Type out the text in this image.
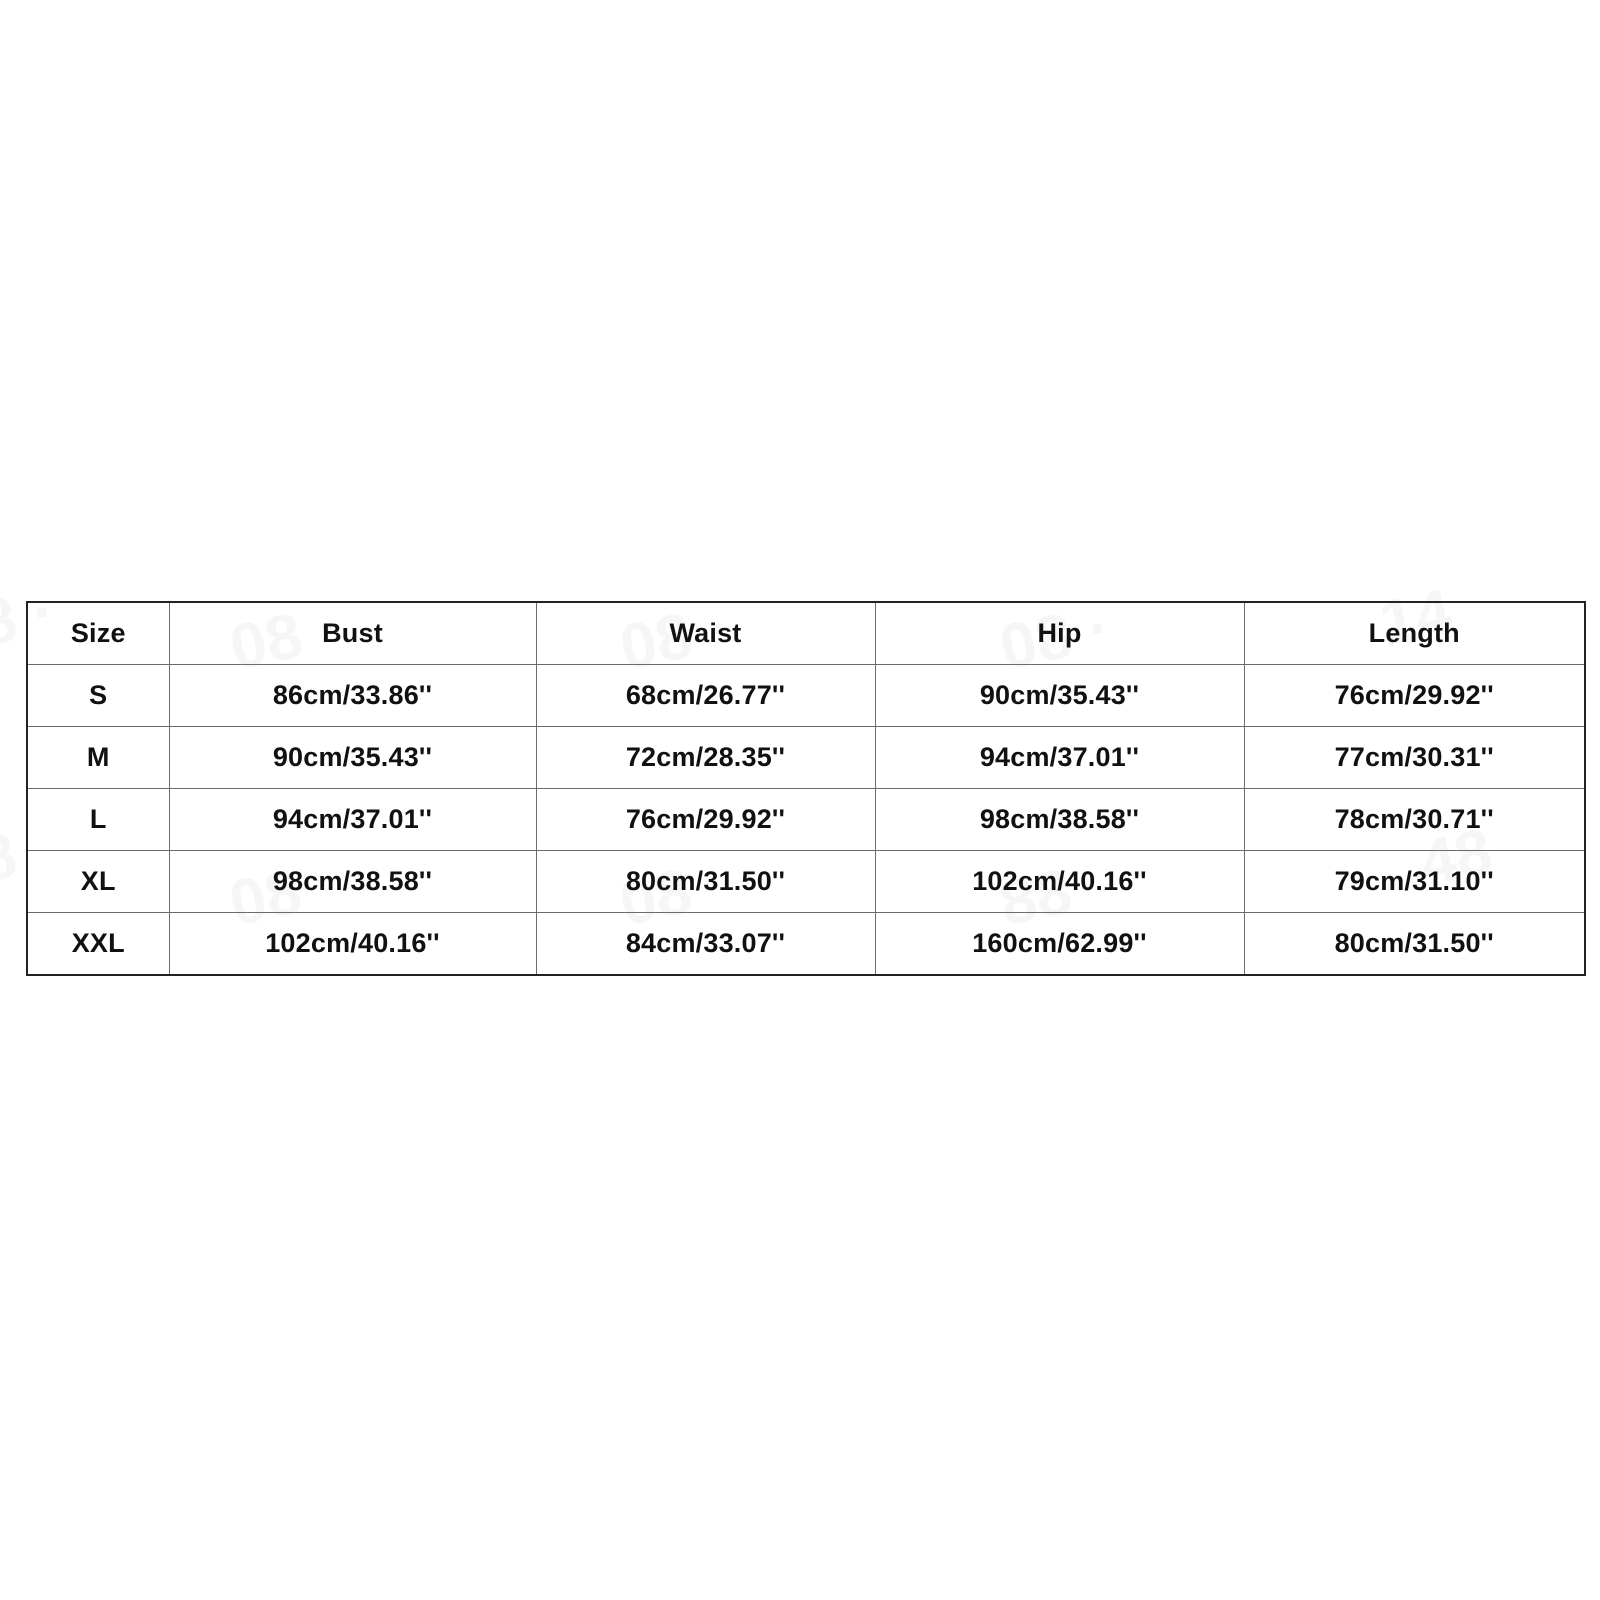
Size	Bust	Waist	Hip	Length
S	86cm/33.86''	68cm/26.77''	90cm/35.43''	76cm/29.92''
M	90cm/35.43''	72cm/28.35''	94cm/37.01''	77cm/30.31''
L	94cm/37.01''	76cm/29.92''	98cm/38.58''	78cm/30.71''
XL	98cm/38.58''	80cm/31.50''	102cm/40.16''	79cm/31.10''
XXL	102cm/40.16''	84cm/33.07''	160cm/62.99''	80cm/31.50''
